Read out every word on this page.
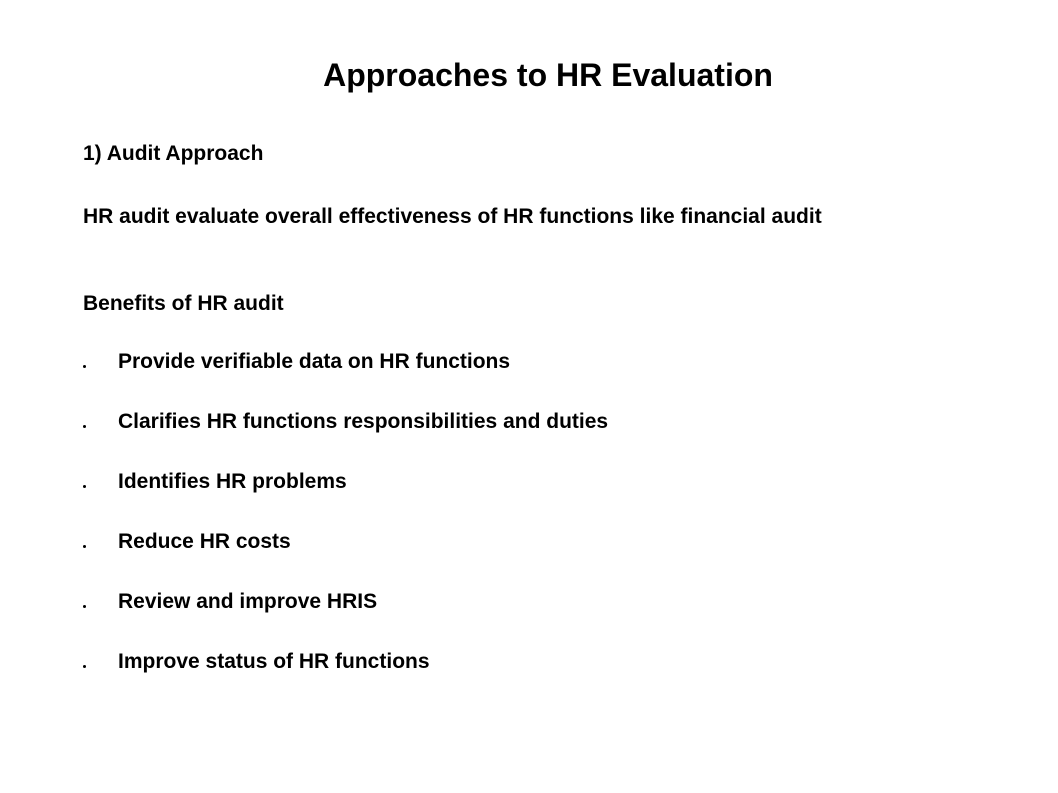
Approaches to HR Evaluation
1) Audit Approach
HR audit evaluate overall effectiveness of HR functions like financial audit
Benefits of HR audit
Provide verifiable data on HR functions
Clarifies HR functions responsibilities and duties
Identifies HR problems
Reduce HR costs
Review and improve HRIS
Improve status of HR functions
